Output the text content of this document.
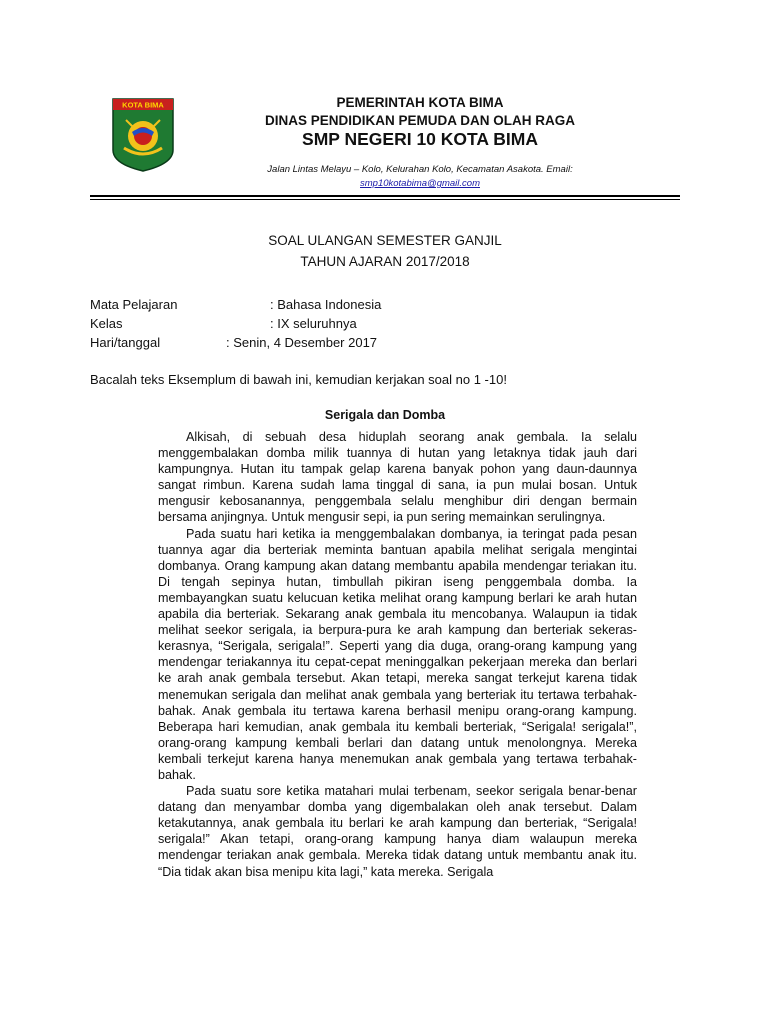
KOTA BIMA	PEMERINTAH KOTA BIMA
DINAS PENDIDIKAN PEMUDA DAN OLAH RAGA
SMP NEGERI 10 KOTA BIMA
Jalan Lintas Melayu – Kolo, Kelurahan Kolo, Kecamatan Asakota. Email:
smp10kotabima@gmail.com
SOAL ULANGAN SEMESTER GANJIL
TAHUN AJARAN 2017/2018
Mata Pelajaran	: Bahasa Indonesia
Kelas	: IX seluruhnya
Hari/tanggal	: Senin, 4 Desember 2017
Bacalah teks Eksemplum di bawah ini, kemudian kerjakan soal no 1 -10!
Serigala dan Domba

Alkisah, di sebuah desa hiduplah seorang anak gembala. Ia selalu menggembalakan domba milik tuannya di hutan yang letaknya tidak jauh dari kampungnya. Hutan itu tampak gelap karena banyak pohon yang daun-daunnya sangat rimbun. Karena sudah lama tinggal di sana, ia pun mulai bosan. Untuk mengusir kebosanannya, penggembala selalu menghibur diri dengan bermain bersama anjingnya. Untuk mengusir sepi, ia pun sering memainkan serulingnya.

Pada suatu hari ketika ia menggembalakan dombanya, ia teringat pada pesan tuannya agar dia berteriak meminta bantuan apabila melihat serigala mengintai dombanya. Orang kampung akan datang membantu apabila mendengar teriakan itu. Di tengah sepinya hutan, timbullah pikiran iseng penggembala domba. Ia membayangkan suatu kelucuan ketika melihat orang kampung berlari ke arah hutan apabila dia berteriak. Sekarang anak gembala itu mencobanya. Walaupun ia tidak melihat seekor serigala, ia berpura-pura ke arah kampung dan berteriak sekeras-kerasnya, “Serigala, serigala!”. Seperti yang dia duga, orang-orang kampung yang mendengar teriakannya itu cepat-cepat meninggalkan pekerjaan mereka dan berlari ke arah anak gembala tersebut. Akan tetapi, mereka sangat terkejut karena tidak menemukan serigala dan melihat anak gembala yang berteriak itu tertawa terbahak-bahak. Anak gembala itu tertawa karena berhasil menipu orang-orang kampung. Beberapa hari kemudian, anak gembala itu kembali berteriak, “Serigala! serigala!”, orang-orang kampung kembali berlari dan datang untuk menolongnya. Mereka kembali terkejut karena hanya menemukan anak gembala yang tertawa terbahak-bahak.

Pada suatu sore ketika matahari mulai terbenam, seekor serigala benar-benar datang dan menyambar domba yang digembalakan oleh anak tersebut. Dalam ketakutannya, anak gembala itu berlari ke arah kampung dan berteriak, “Serigala! serigala!” Akan tetapi, orang-orang kampung hanya diam walaupun mereka mendengar teriakan anak gembala. Mereka tidak datang untuk membantu anak itu. “Dia tidak akan bisa menipu kita lagi,” kata mereka. Serigala
